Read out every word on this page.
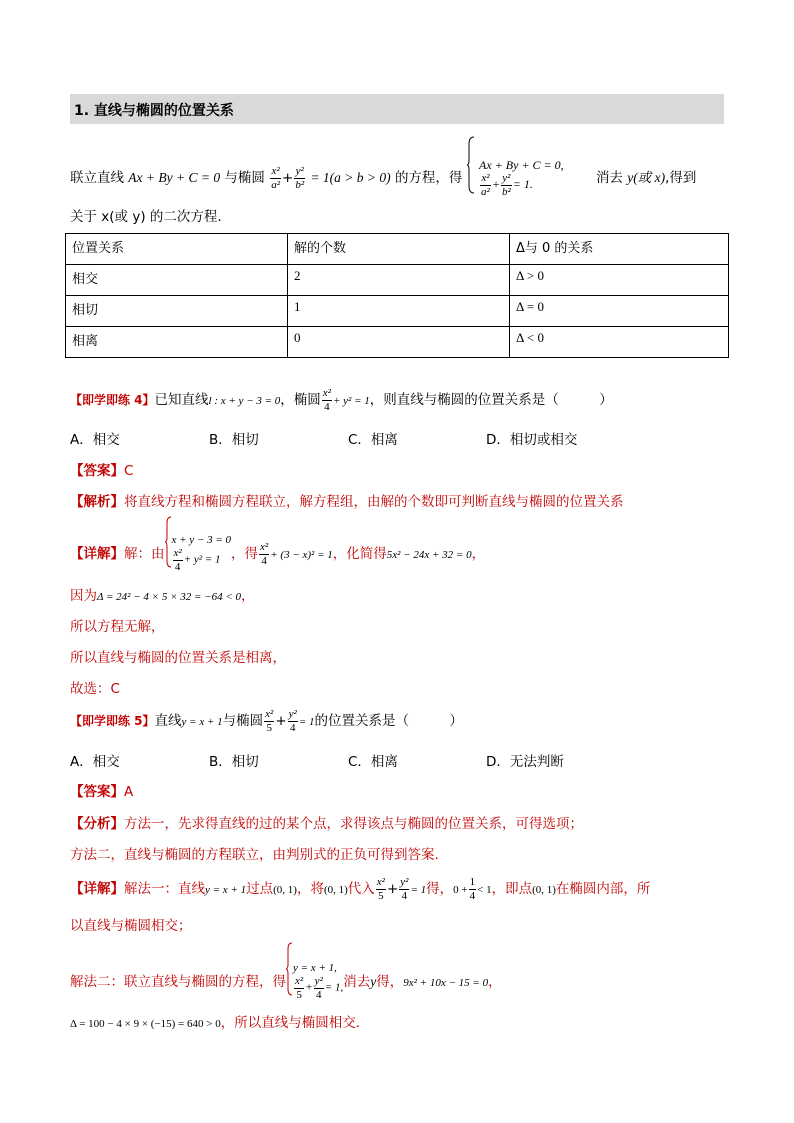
1. 直线与椭圆的位置关系
联立直线 Ax + By + C = 0 与椭圆 $\frac{\text{x²}}{\text{a²}} + \frac{\text{y²}}{\text{b²}} = 1(a > b > 0)$ 的方程，得
Ax + By + C = 0,
$\frac{\text{x²}}{\text{a²}} + \frac{\text{y²}}{\text{b²}} = 1$.	消去 y(或 x),得到
关于 x(或 y) 的二次方程.
位置关系	解的个数	Δ与 0 的关系
相交	2	Δ > 0
相切	1	Δ = 0
相离	0	Δ < 0
【即学即练 4】已知直线l : x + y − 3 = 0，椭圆 $\frac{\text{x²}}{4} + y^2 = 1$，则直线与椭圆的位置关系是（　　　）
A．相交	B．相切	C．相离	D．相切或相交
【答案】C
【解析】将直线方程和椭圆方程联立，解方程组，由解的个数即可判断直线与椭圆的位置关系
【详解】解：由
x + y − 3 = 0
$\frac{\text{x²}}{4} + y^2 = 1$ ，得 $\frac{\text{x²}}{4} + (3 - x)^2 = 1$，化简得5x² − 24x + 32 = 0，
因为Δ = 24² − 4 × 5 × 32 = −64 < 0，
所以方程无解，
所以直线与椭圆的位置关系是相离，
故选：C
【即学即练 5】直线y = x + 1与椭圆 $\frac{\text{x²}}{5} + \frac{\text{y²}}{4} = 1$的位置关系是（　　　）
A．相交	B．相切	C．相离	D．无法判断
【答案】A
【分析】方法一，先求得直线的过的某个点，求得该点与椭圆的位置关系，可得选项；
方法二，直线与椭圆的方程联立，由判别式的正负可得到答案.
【详解】解法一：直线y = x + 1过点(0, 1)，将(0, 1)代入 $\frac{\text{x²}}{5} + \frac{\text{y²}}{4} = 1$得，$0 + \frac{1}{4} < 1$，即点(0, 1)在椭圆内部，所
以直线与椭圆相交；
解法二：联立直线与椭圆的方程，得
y = x + 1,
$\frac{\text{x²}}{5} + \frac{\text{y²}}{4} = 1$, 消去y得，9x² + 10x − 15 = 0，
Δ = 100 − 4 × 9 × (−15) = 640 > 0，所以直线与椭圆相交.
